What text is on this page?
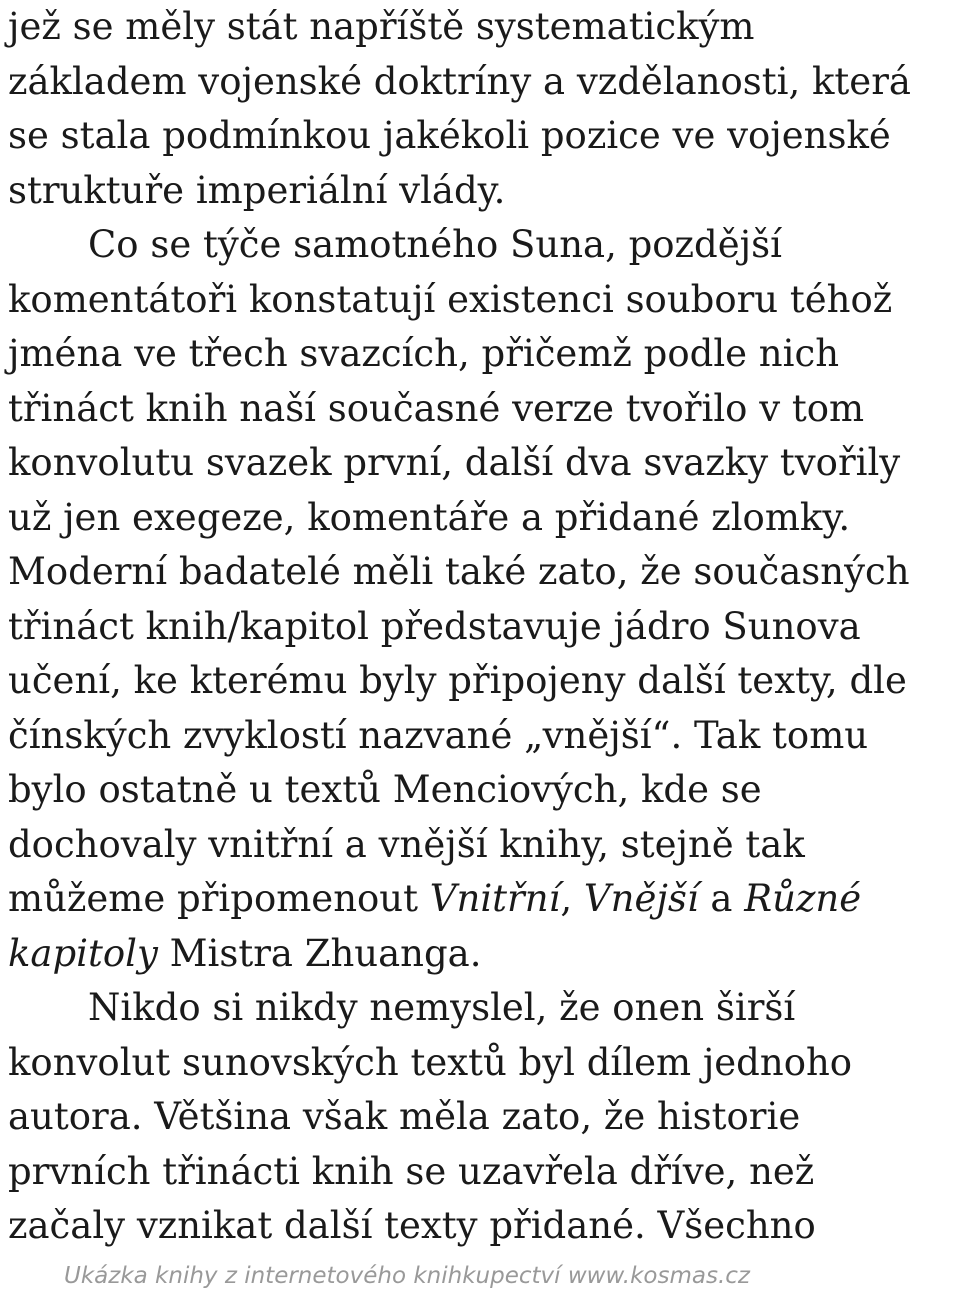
jež se měly stát napříště systematickým
základem vojenské doktríny a vzdělanosti, která
se stala podmínkou jakékoli pozice ve vojenské
struktuře imperiální vlády.
Co se týče samotného Suna, pozdější
komentátoři konstatují existenci souboru téhož
jména ve třech svazcích, přičemž podle nich
třináct knih naší současné verze tvořilo v tom
konvolutu svazek první, další dva svazky tvořily
už jen exegeze, komentáře a přidané zlomky.
Moderní badatelé měli také zato, že současných
třináct knih/kapitol představuje jádro Sunova
učení, ke kterému byly připojeny další texty, dle
čínských zvyklostí nazvané „vnější“. Tak tomu
bylo ostatně u textů Menciových, kde se
dochovaly vnitřní a vnější knihy, stejně tak
můžeme připomenout Vnitřní, Vnější a Různé
kapitoly Mistra Zhuanga.
Nikdo si nikdy nemyslel, že onen širší
konvolut sunovských textů byl dílem jednoho
autora. Většina však měla zato, že historie
prvních třinácti knih se uzavřela dříve, než
začaly vznikat další texty přidané. Všechno
Ukázka knihy z internetového knihkupectví www.kosmas.cz
